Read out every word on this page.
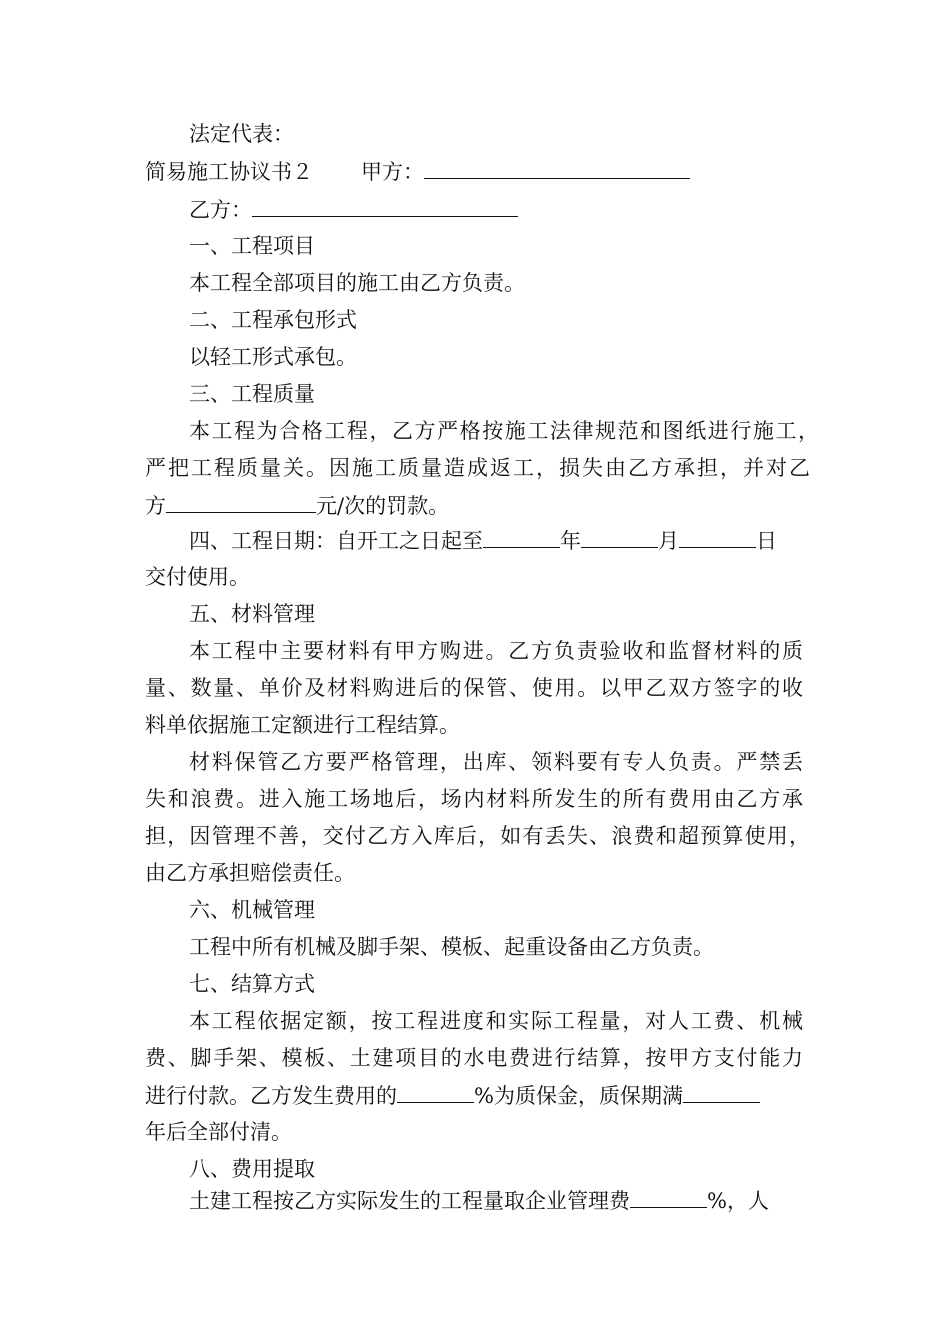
法定代表：
简易施工协议书２ 甲方：
乙方：
一、工程项目
本工程全部项目的施工由乙方负责。
二、工程承包形式
以轻工形式承包。
三、工程质量
本工程为合格工程，乙方严格按施工法律规范和图纸进行施工，
严把工程质量关。因施工质量造成返工，损失由乙方承担，并对乙
方	元/次的罚款。
四、工程日期：自开工之日起至	年	月	日
交付使用。
五、材料管理
本工程中主要材料有甲方购进。乙方负责验收和监督材料的质
量、数量、单价及材料购进后的保管、使用。以甲乙双方签字的收
料单依据施工定额进行工程结算。
材料保管乙方要严格管理，出库、领料要有专人负责。严禁丢
失和浪费。进入施工场地后，场内材料所发生的所有费用由乙方承
担，因管理不善，交付乙方入库后，如有丢失、浪费和超预算使用，
由乙方承担赔偿责任。
六、机械管理
工程中所有机械及脚手架、模板、起重设备由乙方负责。
七、结算方式
本工程依据定额，按工程进度和实际工程量，对人工费、机械
费、脚手架、模板、土建项目的水电费进行结算，按甲方支付能力
进行付款。乙方发生费用的	%为质保金，质保期满
年后全部付清。
八、费用提取
土建工程按乙方实际发生的工程量取企业管理费	%，人
